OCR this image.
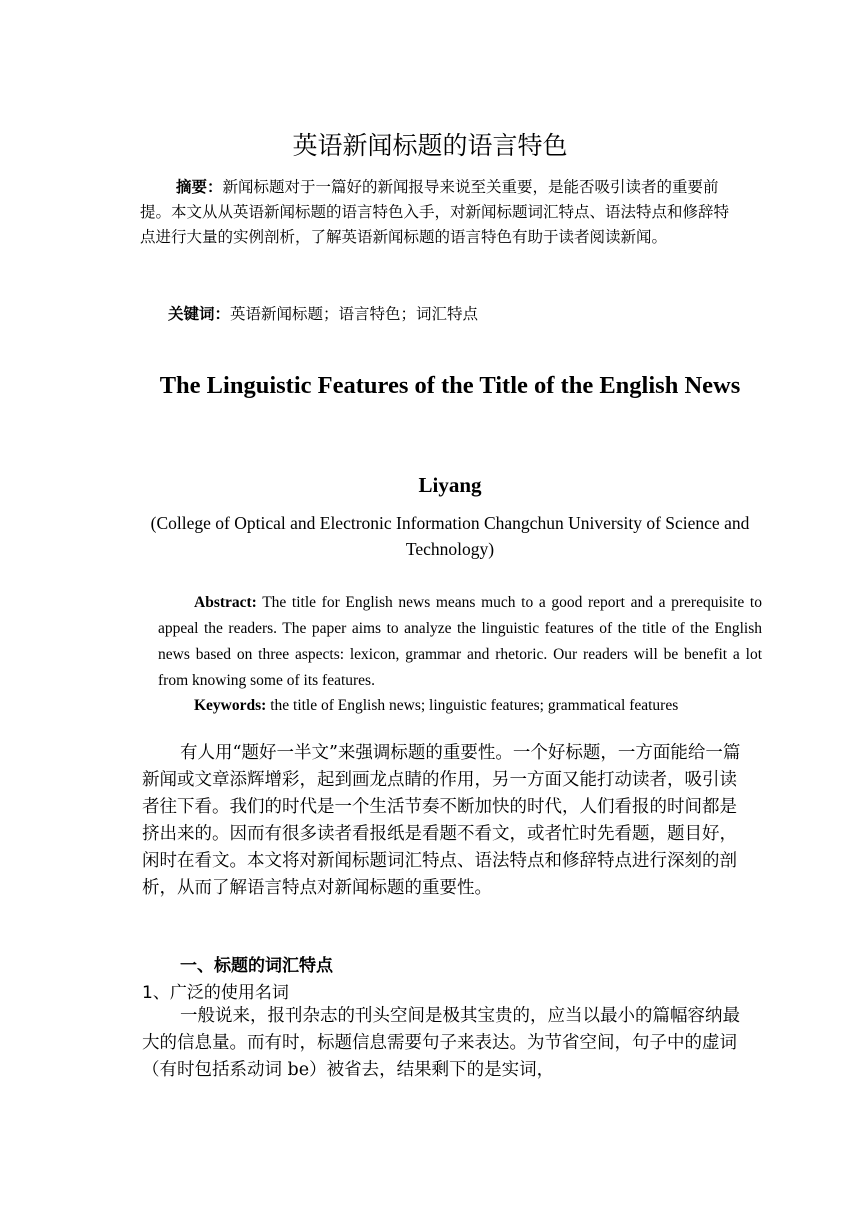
英语新闻标题的语言特色
摘要：新闻标题对于一篇好的新闻报导来说至关重要，是能否吸引读者的重要前提。本文从从英语新闻标题的语言特色入手，对新闻标题词汇特点、语法特点和修辞特点进行大量的实例剖析，了解英语新闻标题的语言特色有助于读者阅读新闻。
关键词：英语新闻标题；语言特色；词汇特点
The Linguistic Features of the Title of the English News
Liyang
(College of Optical and Electronic Information Changchun University of Science and Technology)
Abstract: The title for English news means much to a good report and a prerequisite to appeal the readers. The paper aims to analyze the linguistic features of the title of the English news based on three aspects: lexicon, grammar and rhetoric. Our readers will be benefit a lot from knowing some of its features.
Keywords: the title of English news; linguistic features; grammatical features
有人用“题好一半文”来强调标题的重要性。一个好标题，一方面能给一篇新闻或文章添辉增彩，起到画龙点睛的作用，另一方面又能打动读者，吸引读者往下看。我们的时代是一个生活节奏不断加快的时代，人们看报的时间都是挤出来的。因而有很多读者看报纸是看题不看文，或者忙时先看题，题目好，闲时在看文。本文将对新闻标题词汇特点、语法特点和修辞特点进行深刻的剖析，从而了解语言特点对新闻标题的重要性。
一、标题的词汇特点
1、广泛的使用名词
一般说来，报刊杂志的刊头空间是极其宝贵的，应当以最小的篇幅容纳最大的信息量。而有时，标题信息需要句子来表达。为节省空间，句子中的虚词（有时包括系动词 be）被省去，结果剩下的是实词，
